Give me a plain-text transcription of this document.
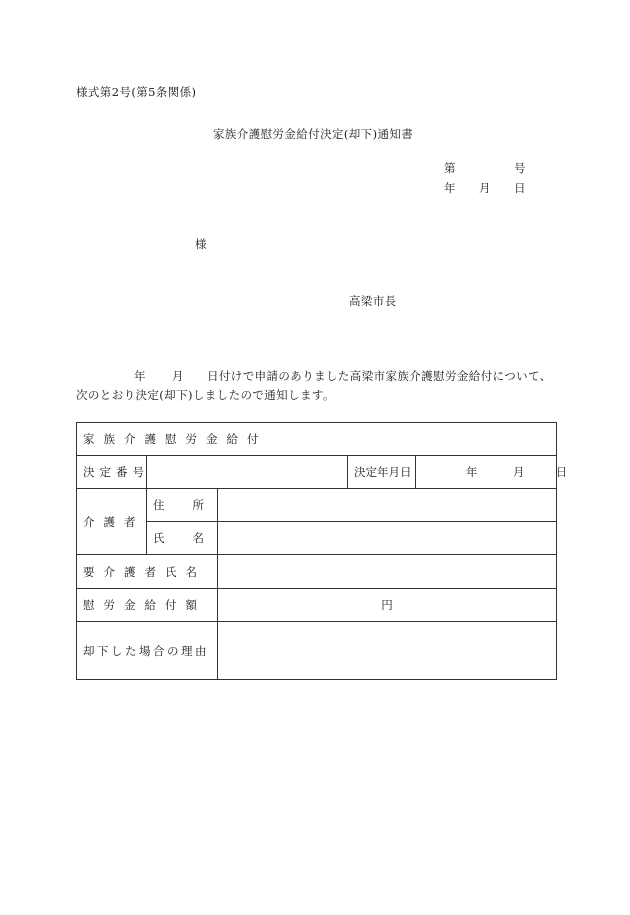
様式第2号(第5条関係)
家族介護慰労金給付決定(却下)通知書
第	号
年 月 日
様
高梁市長
年 月 日付けで申請のありました高梁市家族介護慰労金給付について、
次のとおり決定(却下)しましたので通知します。
家族介護慰労金給付				
決定番号			決定年月日	年 月 日
介護者	住所			
	氏名			
要介護者氏名				
慰労金給付額		円		
却下した場合の理由				
